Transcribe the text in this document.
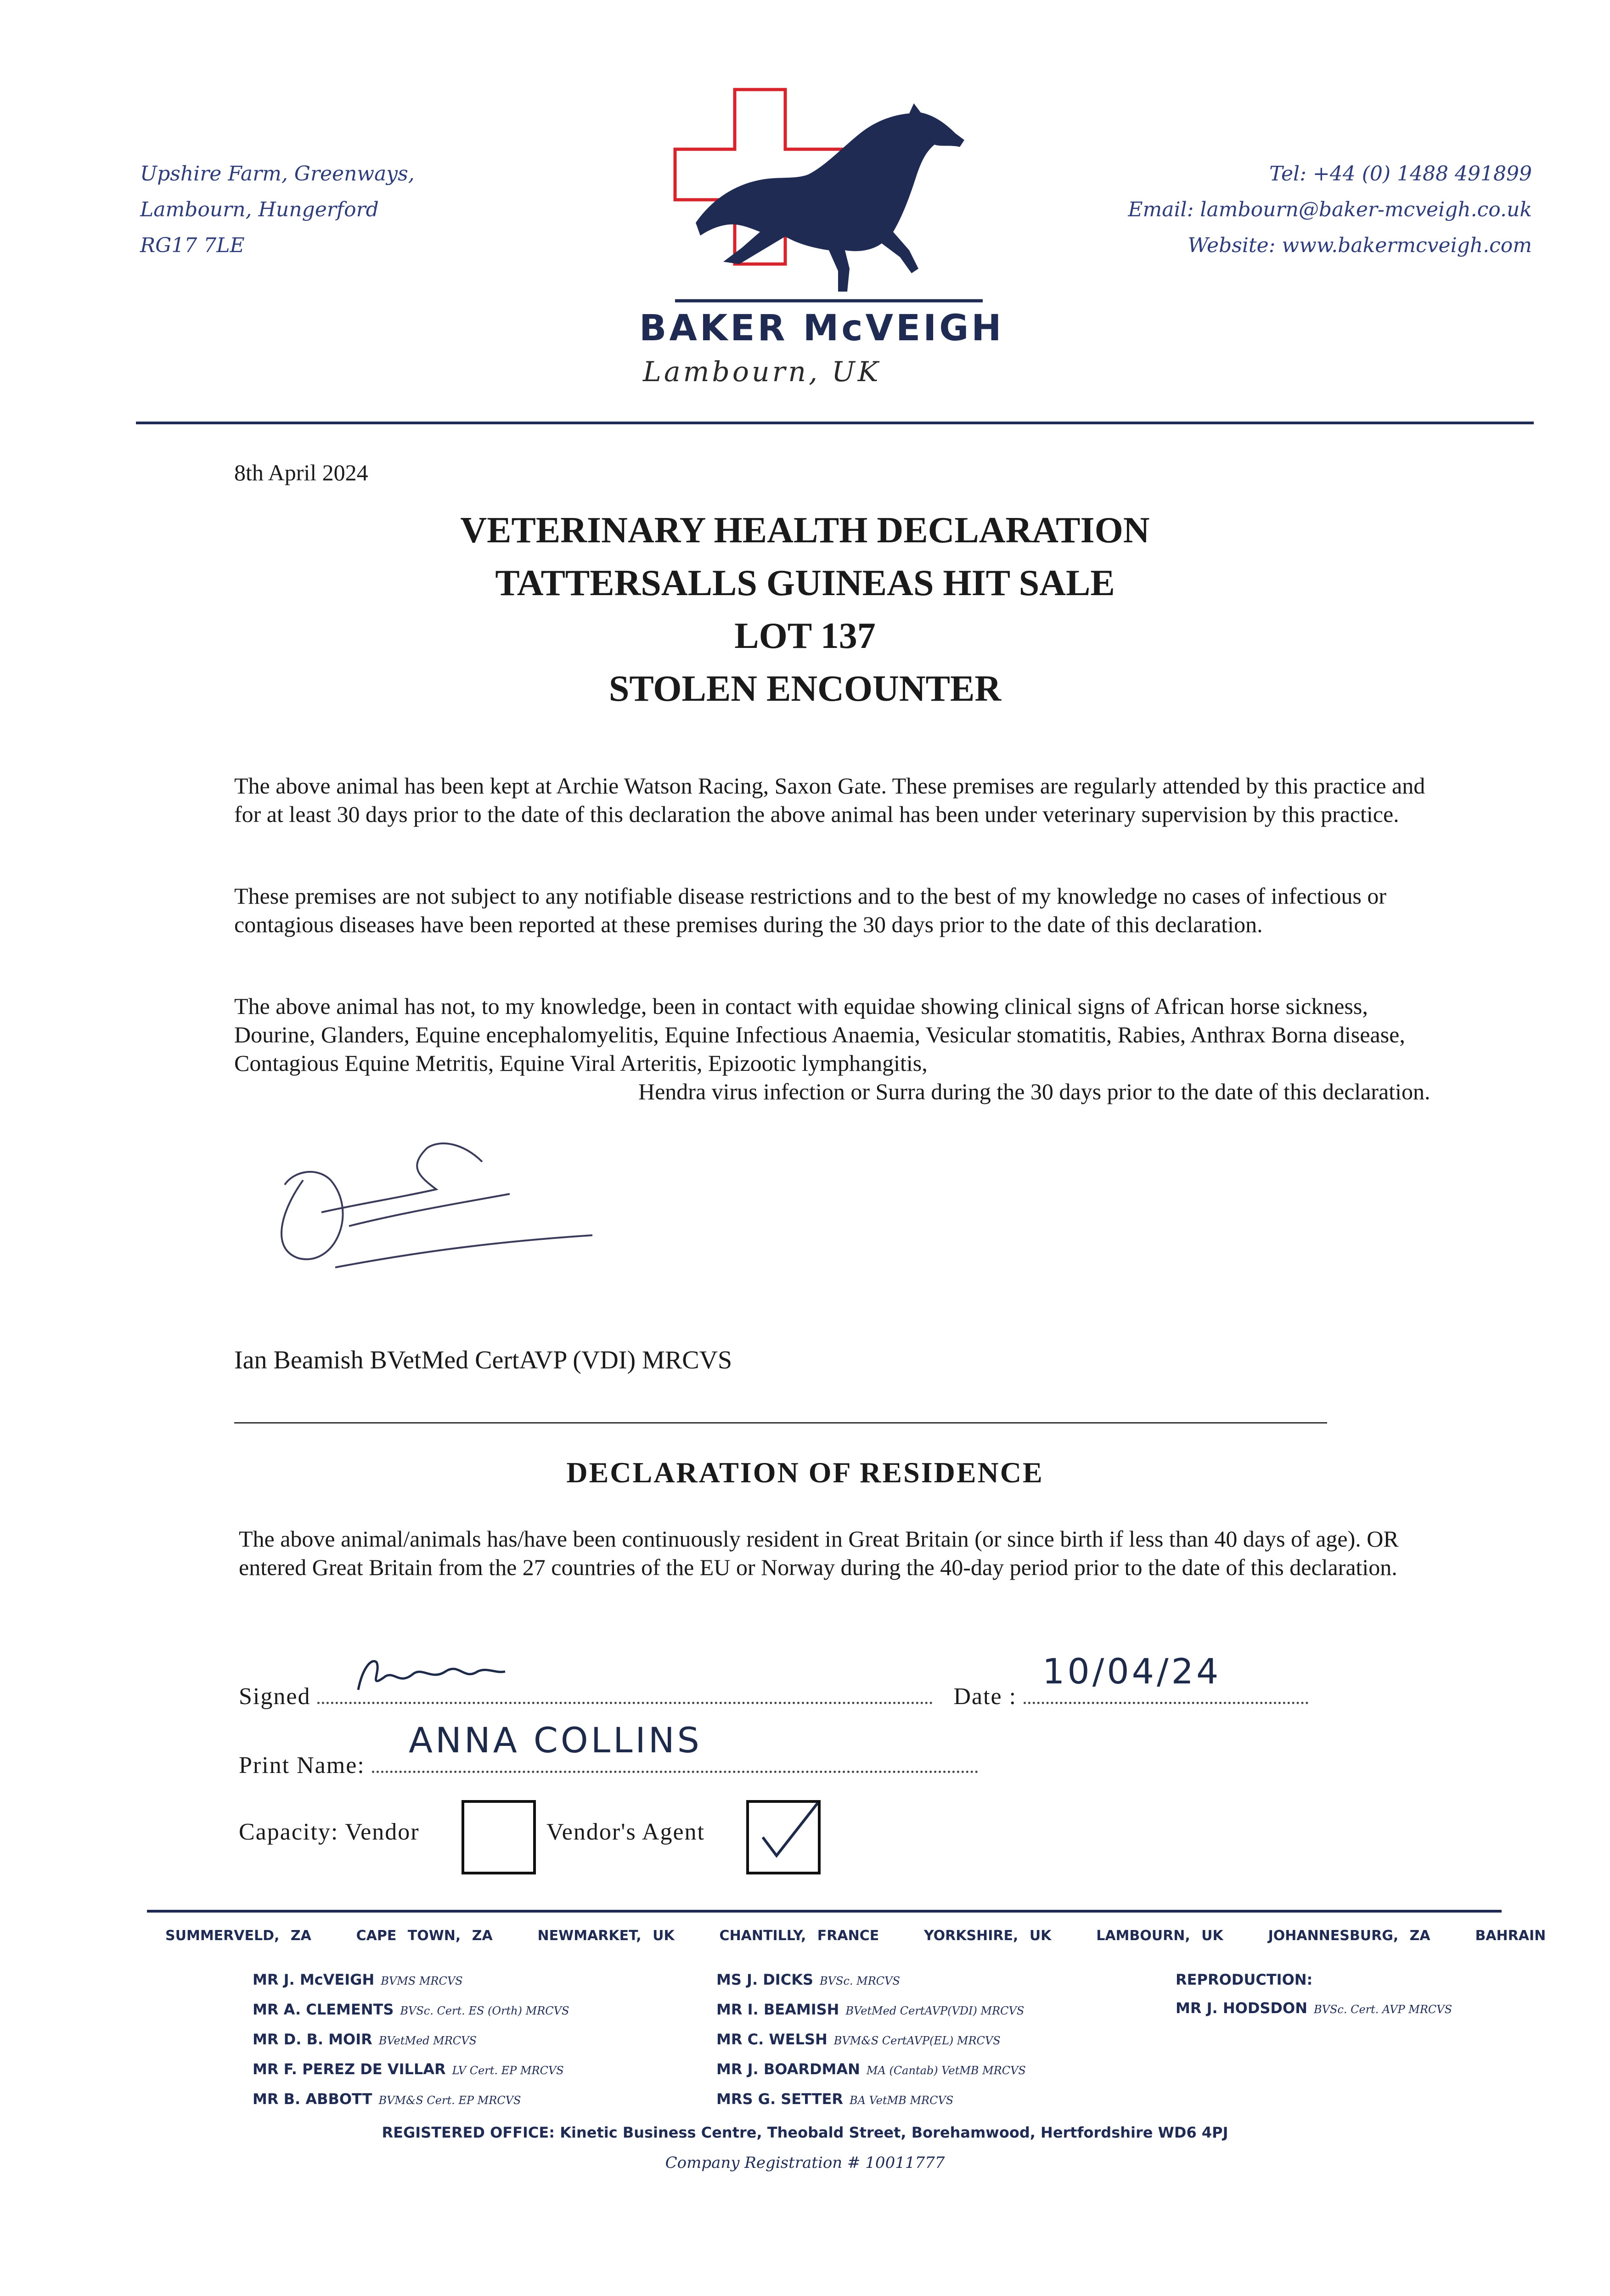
Upshire Farm, Greenways,
Lambourn, Hungerford
RG17 7LE
Tel: +44 (0) 1488 491899
Email: lambourn@baker-mcveigh.co.uk
Website: www.bakermcveigh.com
BAKER McVEIGH
Lambourn, UK
8th April 2024
VETERINARY HEALTH DECLARATION
TATTERSALLS GUINEAS HIT SALE
LOT 137
STOLEN ENCOUNTER

The above animal has been kept at Archie Watson Racing, Saxon Gate. These premises are regularly attended by this practice and for at least 30 days prior to the date of this declaration the above animal has been under veterinary supervision by this practice.

These premises are not subject to any notifiable disease restrictions and to the best of my knowledge no cases of infectious or contagious diseases have been reported at these premises during the 30 days prior to the date of this declaration.

The above animal has not, to my knowledge, been in contact with equidae showing clinical signs of African horse sickness, Dourine, Glanders, Equine encephalomyelitis, Equine Infectious Anaemia, Vesicular stomatitis, Rabies, Anthrax Borna disease, Contagious Equine Metritis, Equine Viral Arteritis, Epizootic lymphangitis,

Hendra virus infection or Surra during the 30 days prior to the date of this declaration.
Ian Beamish BVetMed CertAVP (VDI) MRCVS
DECLARATION OF RESIDENCE
The above animal/animals has/have been continuously resident in Great Britain (or since birth if less than 40 days of age). OR entered Great Britain from the 27 countries of the EU or Norway during the 40-day period prior to the date of this declaration.
Signed	Date :
10/04/24
Print Name:
ANNA COLLINS
Capacity: Vendor	Vendor's Agent
SUMMERVELD, ZA	CAPE TOWN, ZA	NEWMARKET, UK	CHANTILLY, FRANCE	YORKSHIRE, UK	LAMBOURN, UK	JOHANNESBURG, ZA	BAHRAIN
MR J. McVEIGH BVMS MRCVS
MR A. CLEMENTS BVSc. Cert. ES (Orth) MRCVS
MR D. B. MOIR BVetMed MRCVS
MR F. PEREZ DE VILLAR LV Cert. EP MRCVS
MR B. ABBOTT BVM&S Cert. EP MRCVS
MS J. DICKS BVSc. MRCVS
MR I. BEAMISH BVetMed CertAVP(VDI) MRCVS
MR C. WELSH BVM&S CertAVP(EL) MRCVS
MR J. BOARDMAN MA (Cantab) VetMB MRCVS
MRS G. SETTER BA VetMB MRCVS
REPRODUCTION:
MR J. HODSDON BVSc. Cert. AVP MRCVS
REGISTERED OFFICE: Kinetic Business Centre, Theobald Street, Borehamwood, Hertfordshire WD6 4PJ
Company Registration # 10011777
